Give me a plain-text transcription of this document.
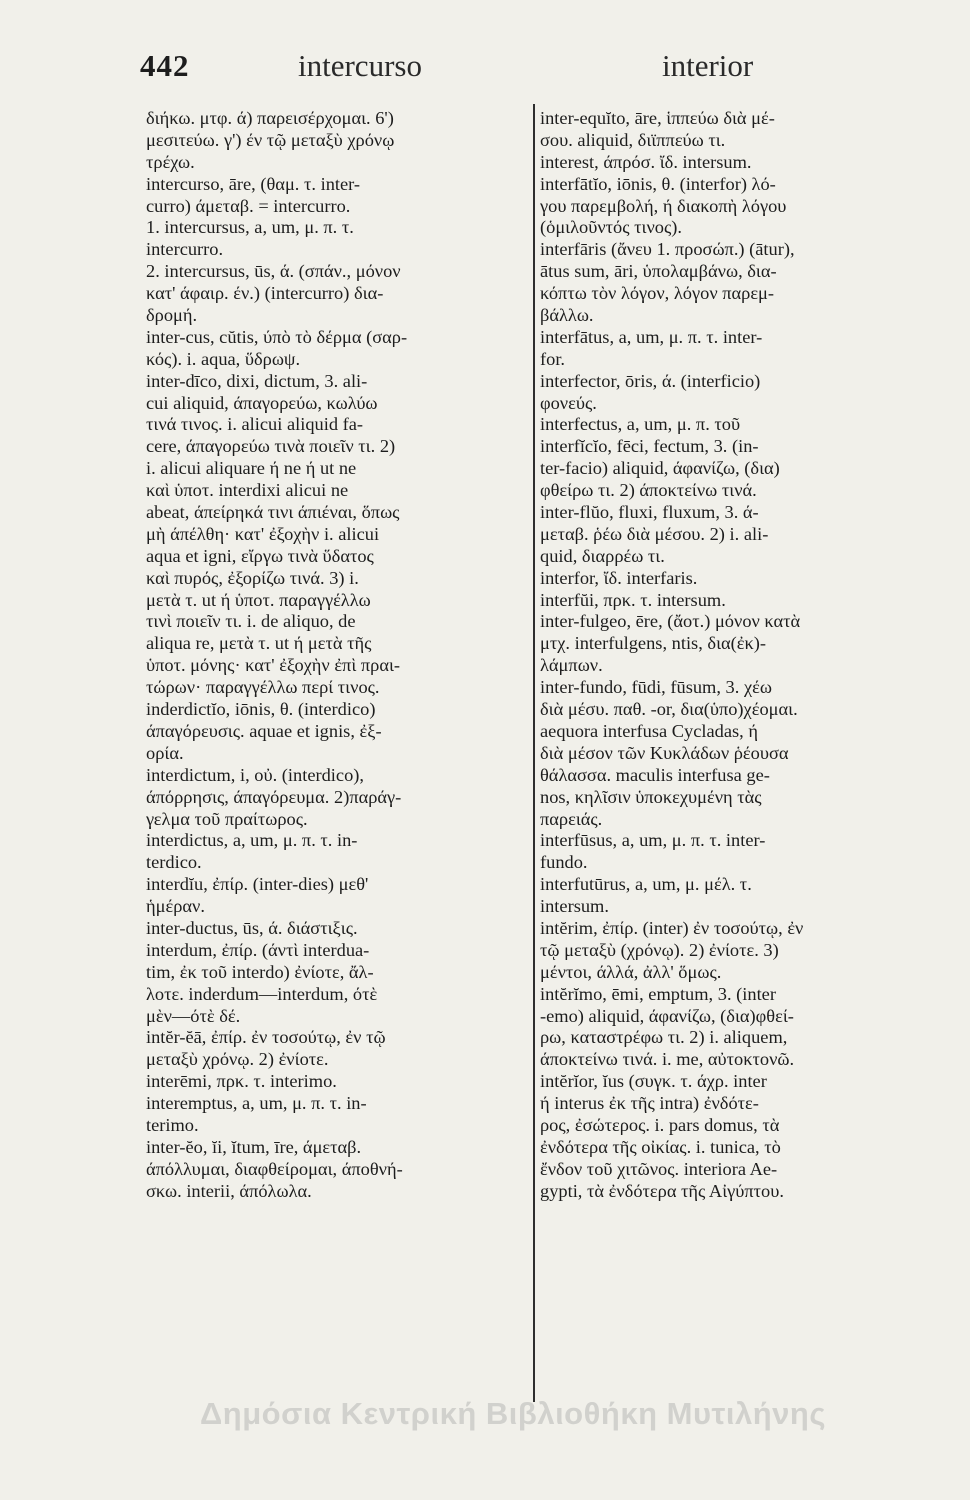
442	intercurso	interior
διήκω. μτφ. ά) παρεισέρχομαι. 6')
μεσιτεύω. γ') έν τῷ μεταξὺ χρόνῳ
τρέχω.
intercurso, āre, (θαμ. τ. inter-
curro) άμεταβ. = intercurro.
1. intercursus, a, um, μ. π. τ.
intercurro.
2. intercursus, ūs, ά. (σπάν., μόνον
κατ' άφαιρ. έν.) (intercurro) δια-
δρομή.
inter-cus, cŭtis, ύπὸ τὸ δέρμα (σαρ-
κός). i. aqua, ὕδρωψ.
inter-dīco, dixi, dictum, 3. ali-
cui aliquid, άπαγορεύω, κωλύω
τινά τινος. i. alicui aliquid fa-
cere, άπαγορεύω τινὰ ποιεῖν τι. 2)
i. alicui aliquare ή ne ή ut ne
καὶ ὑποτ. interdixi alicui ne
abeat, άπείρηκά τινι άπιέναι, ὅπως
μὴ άπέλθη· κατ' ἐξοχὴν i. alicui
aqua et igni, εἴργω τινὰ ὕδατος
καὶ πυρός, ἐξορίζω τινά. 3) i.
μετὰ τ. ut ή ὑποτ. παραγγέλλω
τινὶ ποιεῖν τι. i. de aliquo, de
aliqua re, μετὰ τ. ut ή μετὰ τῆς
ὑποτ. μόνης· κατ' ἐξοχὴν ἐπὶ πραι-
τώρων· παραγγέλλω περί τινος.
inderdictĭo, iōnis, θ. (interdico)
άπαγόρευσις. aquae et ignis, ἐξ-
ορία.
interdictum, i, οὐ. (interdico),
άπόρρησις, άπαγόρευμα. 2)παράγ-
γελμα τοῦ πραίτωρος.
interdictus, a, um, μ. π. τ. in-
terdico.
interdĭu, ἐπίρ. (inter-dies) μεθ'
ἡμέραν.
inter-ductus, ūs, ά. διάστιξις.
interdum, ἐπίρ. (άντὶ interdua-
tim, ἐκ τοῦ interdo) ἐνίοτε, ἄλ-
λοτε. inderdum—interdum, ότὲ
μὲν—ότὲ δέ.
intĕr-ĕā, ἐπίρ. ἐν τοσούτῳ, ἐν τῷ
μεταξὺ χρόνῳ. 2) ἐνίοτε.
interēmi, πρκ. τ. interimo.
interemptus, a, um, μ. π. τ. in-
terimo.
inter-ĕo, ĭi, ĭtum, īre, άμεταβ.
άπόλλυμαι, διαφθείρομαι, άποθνή-
σκω. interii, άπόλωλα.
inter-equĭto, āre, ἱππεύω διὰ μέ-
σου. aliquid, διϊππεύω τι.
interest, άπρόσ. ἴδ. intersum.
interfātĭo, iōnis, θ. (interfor) λό-
γου παρεμβολή, ή διακοπὴ λόγου
(ὁμιλοῦντός τινος).
interfāris (ἄνευ 1. προσώπ.) (ātur),
ātus sum, āri, ὑπολαμβάνω, δια-
κόπτω τὸν λόγον, λόγον παρεμ-
βάλλω.
interfātus, a, um, μ. π. τ. inter-
for.
interfector, ōris, ά. (interficio)
φονεύς.
interfectus, a, um, μ. π. τοῦ
interfĭcĭo, fēci, fectum, 3. (in-
ter-facio) aliquid, άφανίζω, (δια)
φθείρω τι. 2) άποκτείνω τινά.
inter-flŭo, fluxi, fluxum, 3. ά-
μεταβ. ῥέω διὰ μέσου. 2) i. ali-
quid, διαρρέω τι.
interfor, ἴδ. interfaris.
interfŭi, πρκ. τ. intersum.
inter-fulgeo, ēre, (ἄοτ.) μόνον κατὰ
μτχ. interfulgens, ntis, δια(ἐκ)-
λάμπων.
inter-fundo, fūdi, fūsum, 3. χέω
διὰ μέσυ. παθ. -or, δια(ὑπο)χέομαι.
aequora interfusa Cycladas, ή
διὰ μέσον τῶν Κυκλάδων ῥέουσα
θάλασσα. maculis interfusa ge-
nos, κηλῖσιν ὑποκεχυμένη τὰς
παρειάς.
interfūsus, a, um, μ. π. τ. inter-
fundo.
interfutūrus, a, um, μ. μέλ. τ.
intersum.
intĕrim, ἐπίρ. (inter) ἐν τοσούτῳ, ἐν
τῷ μεταξὺ (χρόνῳ). 2) ἐνίοτε. 3)
μέντοι, άλλά, ἀλλ' ὅμως.
intĕrĭmo, ēmi, emptum, 3. (inter
-emo) aliquid, άφανίζω, (δια)φθεί-
ρω, καταστρέφω τι. 2) i. aliquem,
άποκτείνω τινά. i. me, αὐτοκτονῶ.
intĕrĭor, ĭus (συγκ. τ. άχρ. inter
ή interus ἐκ τῆς intra) ἐνδότε-
ρος, ἐσώτερος. i. pars domus, τὰ
ἐνδότερα τῆς οἰκίας. i. tunica, τὸ
ἔνδον τοῦ χιτῶνος. interiora Ae-
gypti, τὰ ἐνδότερα τῆς Αἰγύπτου.
Δημόσια Κεντρική Βιβλιοθήκη Μυτιλήνης
